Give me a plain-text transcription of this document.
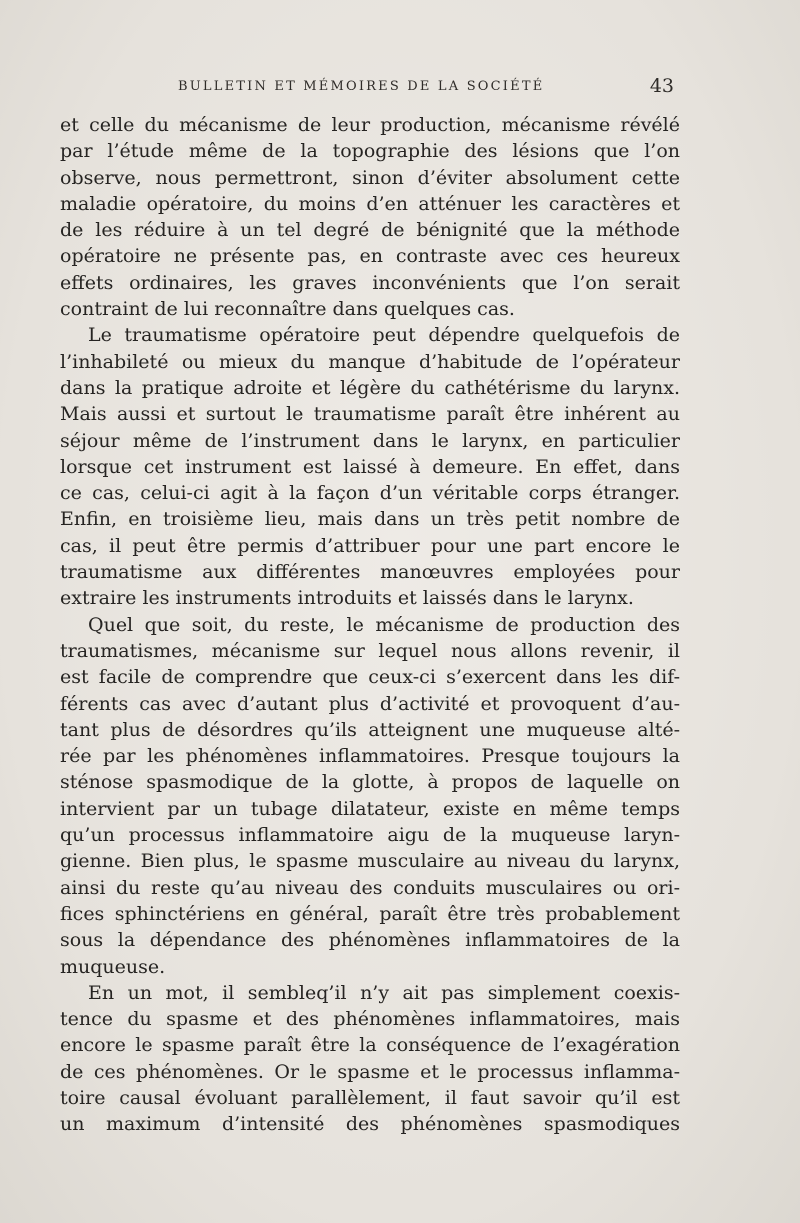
BULLETIN ET MÉMOIRES DE LA SOCIÉTÉ	43
et celle du mécanisme de leur production, mécanisme révélé
par l’étude même de la topographie des lésions que l’on
observe, nous permettront, sinon d’éviter absolument cette
maladie opératoire, du moins d’en atténuer les caractères et
de les réduire à un tel degré de bénignité que la méthode
opératoire ne présente pas, en contraste avec ces heureux
effets ordinaires, les graves inconvénients que l’on serait
contraint de lui reconnaître dans quelques cas.
Le traumatisme opératoire peut dépendre quelquefois de
l’inhabileté ou mieux du manque d’habitude de l’opérateur
dans la pratique adroite et légère du cathétérisme du larynx.
Mais aussi et surtout le traumatisme paraît être inhérent au
séjour même de l’instrument dans le larynx, en particulier
lorsque cet instrument est laissé à demeure. En effet, dans
ce cas, celui-ci agit à la façon d’un véritable corps étranger.
Enfin, en troisième lieu, mais dans un très petit nombre de
cas, il peut être permis d’attribuer pour une part encore le
traumatisme aux différentes manœuvres employées pour
extraire les instruments introduits et laissés dans le larynx.
Quel que soit, du reste, le mécanisme de production des
traumatismes, mécanisme sur lequel nous allons revenir, il
est facile de comprendre que ceux-ci s’exercent dans les dif-
férents cas avec d’autant plus d’activité et provoquent d’au-
tant plus de désordres qu’ils atteignent une muqueuse alté-
rée par les phénomènes inflammatoires. Presque toujours la
sténose spasmodique de la glotte, à propos de laquelle on
intervient par un tubage dilatateur, existe en même temps
qu’un processus inflammatoire aigu de la muqueuse laryn-
gienne. Bien plus, le spasme musculaire au niveau du larynx,
ainsi du reste qu’au niveau des conduits musculaires ou ori-
fices sphinctériens en général, paraît être très probablement
sous la dépendance des phénomènes inflammatoires de la
muqueuse.
En un mot, il sembleq’il n’y ait pas simplement coexis-
tence du spasme et des phénomènes inflammatoires, mais
encore le spasme paraît être la conséquence de l’exagération
de ces phénomènes. Or le spasme et le processus inflamma-
toire causal évoluant parallèlement, il faut savoir qu’il est
un maximum d’intensité des phénomènes spasmodiques
